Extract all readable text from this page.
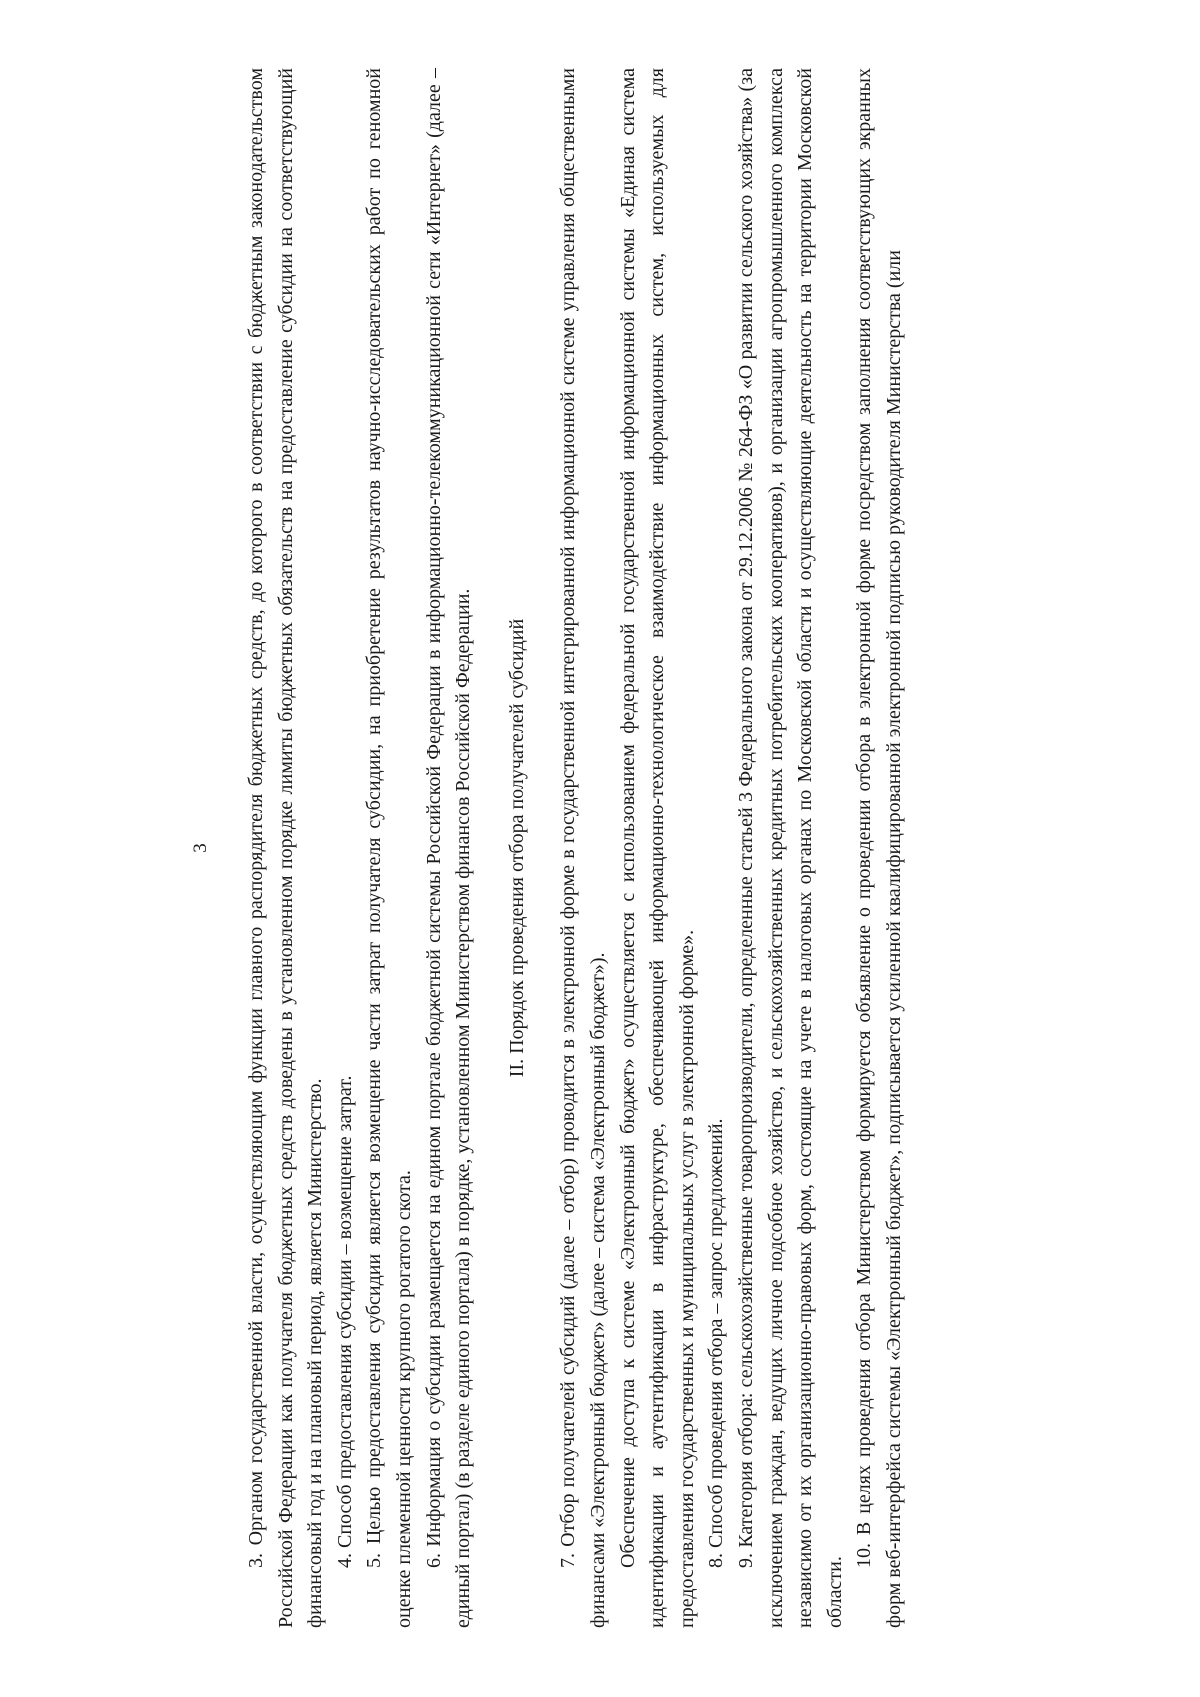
3 3. Органом государственной власти, осуществляющим функции главного распорядителя бюджетных средств, до которого в соответствии с бюджетным законодательством Российской Федерации как получателя бюджетных средств доведены в установленном порядке лимиты бюджетных обязательств на предоставление субсидии на соответствующий финансовый год и на плановый период, является Министерство. 4. Способ предоставления субсидии – возмещение затрат. 5. Целью предоставления субсидии является возмещение части затрат получателя субсидии, на приобретение результатов научно-исследовательских работ по геномной оценке племенной ценности крупного рогатого скота. 6. Информация о субсидии размещается на едином портале бюджетной системы Российской Федерации в информационно-телекоммуникационной сети «Интернет» (далее – единый портал) (в разделе единого портала) в порядке, установленном Министерством финансов Российской Федерации. II. Порядок проведения отбора получателей субсидий 7. Отбор получателей субсидий (далее – отбор) проводится в электронной форме в государственной интегрированной информационной системе управления общественными финансами «Электронный бюджет» (далее – система «Электронный бюджет»). Обеспечение доступа к системе «Электронный бюджет» осуществляется с использованием федеральной государственной информационной системы «Единая система идентификации и аутентификации в инфраструктуре, обеспечивающей информационно-технологическое взаимодействие информационных систем, используемых для предоставления государственных и муниципальных услуг в электронной форме». 8. Способ проведения отбора – запрос предложений. 9. Категория отбора: сельскохозяйственные товаропроизводители, определенные статьей 3 Федерального закона от 29.12.2006 № 264-ФЗ «О развитии сельского хозяйства» (за исключением граждан, ведущих личное подсобное хозяйство, и сельскохозяйственных кредитных потребительских кооперативов), и организации агропромышленного комплекса независимо от их организационно-правовых форм, состоящие на учете в налоговых органах по Московской области и осуществляющие деятельность на территории Московской области.

10. В целях проведения отбора Министерством формируется объявление о проведении отбора в электронной форме посредством заполнения соответствующих экранных форм веб-интерфейса системы «Электронный бюджет», подписывается усиленной квалифицированной электронной подписью руководителя Министерства (или
